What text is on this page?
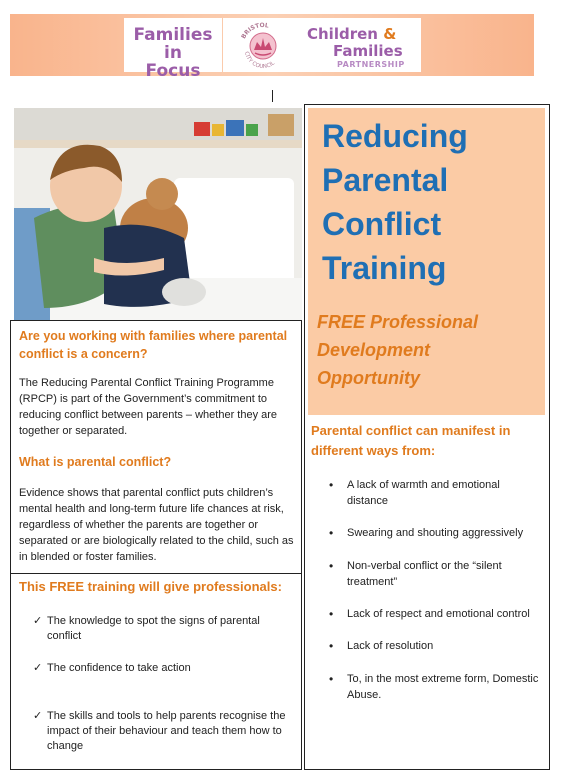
Families in
Focus
BRISTOL
CITY COUNCIL
Children &
Families
PARTNERSHIP
Reducing
Parental
Conflict
Training
FREE Professional
Development
Opportunity
Parental conflict can manifest in different ways from:
• A lack of warmth and emotional distance
• Swearing and shouting aggressively
• Non-verbal conflict or the “silent treatment”
• Lack of respect and emotional control
• Lack of resolution
• To, in the most extreme form, Domestic Abuse.
Are you working with families where parental conflict is a concern?
The Reducing Parental Conflict Training Programme (RPCP) is part of the Government’s commitment to reducing conflict between parents – whether they are together or separated.
What is parental conflict?
Evidence shows that parental conflict puts children’s mental health and long-term future life chances at risk, regardless of whether the parents are together or separated or are biologically related to the child, such as in blended or foster families.
This FREE training will give professionals:
✓ The knowledge to spot the signs of parental conflict
✓ The confidence to take action
✓ The skills and tools to help parents recognise the impact of their behaviour and teach them how to change
